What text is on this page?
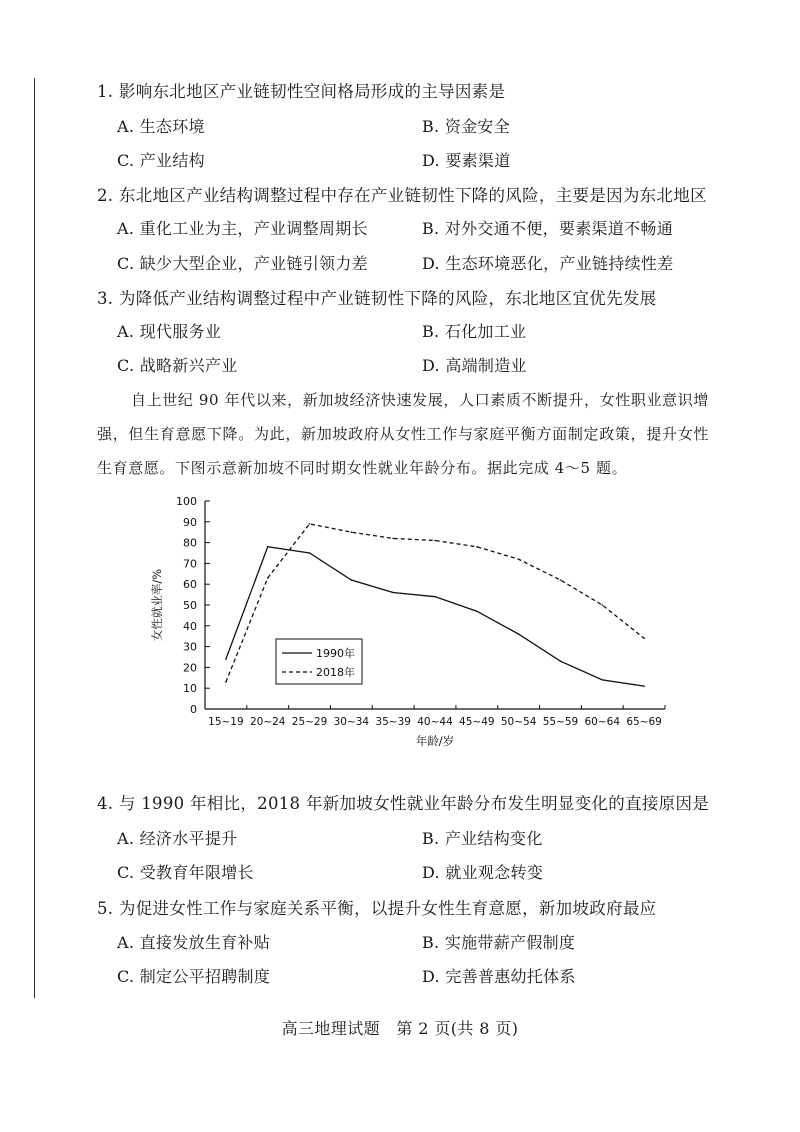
1. 影响东北地区产业链韧性空间格局形成的主导因素是
A. 生态环境	B. 资金安全
C. 产业结构	D. 要素渠道
2. 东北地区产业结构调整过程中存在产业链韧性下降的风险，主要是因为东北地区
A. 重化工业为主，产业调整周期长	B. 对外交通不便，要素渠道不畅通
C. 缺少大型企业，产业链引领力差	D. 生态环境恶化，产业链持续性差
3. 为降低产业结构调整过程中产业链韧性下降的风险，东北地区宜优先发展
A. 现代服务业	B. 石化加工业
C. 战略新兴产业	D. 高端制造业
自上世纪 90 年代以来，新加坡经济快速发展，人口素质不断提升，女性职业意识增强，但生育意愿下降。为此，新加坡政府从女性工作与家庭平衡方面制定政策，提升女性生育意愿。下图示意新加坡不同时期女性就业年龄分布。据此完成 4～5 题。
0
10
20
30
40
50
60
70
80
90
100
15~19 20~24 25~29 30~34 35~39 40~44 45~49 50~54 55~59 60~64 65~69
女性就业率/%
年龄/岁
1990年
2018年
4. 与 1990 年相比，2018 年新加坡女性就业年龄分布发生明显变化的直接原因是
A. 经济水平提升	B. 产业结构变化
C. 受教育年限增长	D. 就业观念转变
5. 为促进女性工作与家庭关系平衡，以提升女性生育意愿，新加坡政府最应
A. 直接发放生育补贴	B. 实施带薪产假制度
C. 制定公平招聘制度	D. 完善普惠幼托体系
高三地理试题　第 2 页(共 8 页)
